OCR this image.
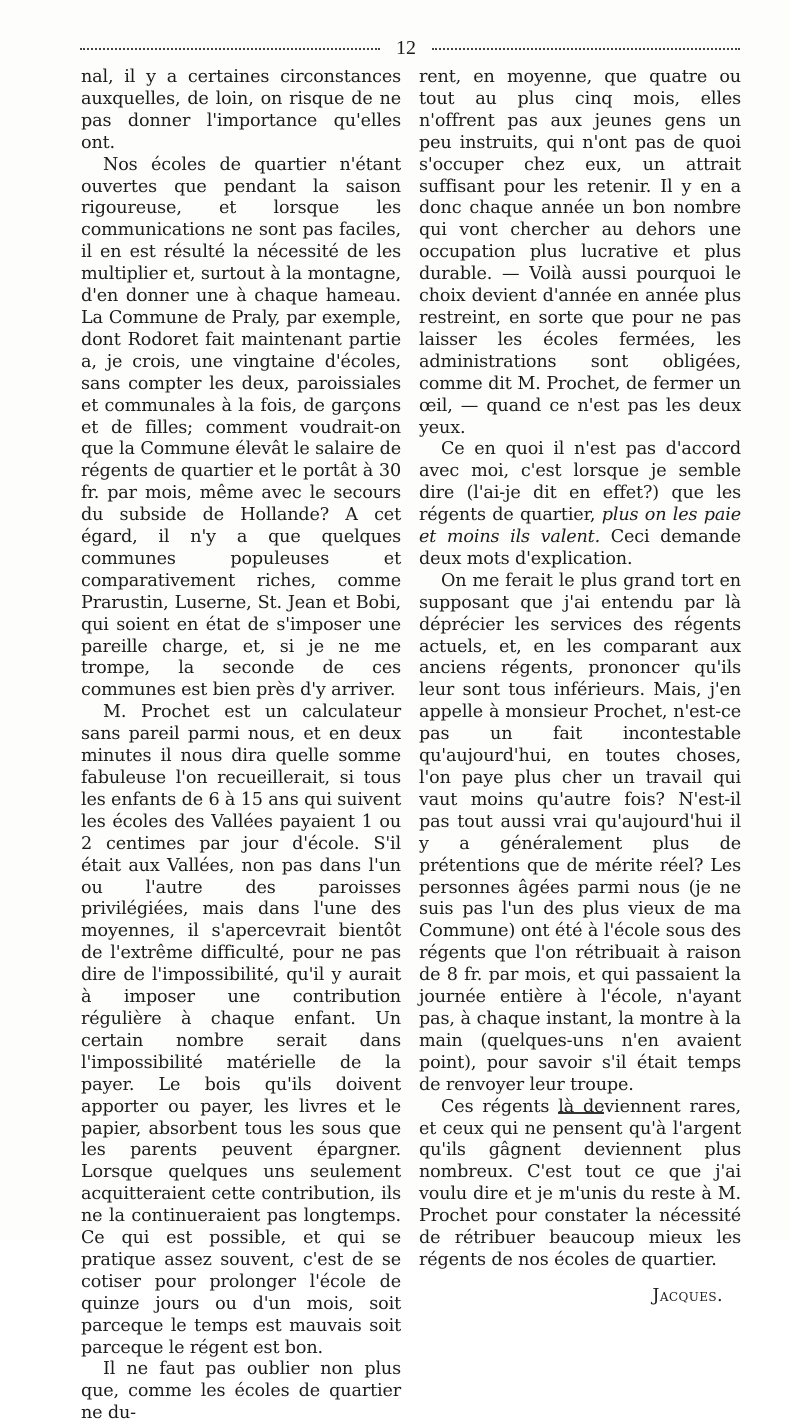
12

nal, il y a certaines circonstances auxquelles, de loin, on risque de ne pas donner l'importance qu'elles ont.

Nos écoles de quartier n'étant ouvertes que pendant la saison rigoureuse, et lorsque les communications ne sont pas faciles, il en est résulté la nécessité de les multiplier et, surtout à la montagne, d'en donner une à chaque hameau. La Commune de Praly, par exemple, dont Rodoret fait maintenant partie a, je crois, une vingtaine d'écoles, sans compter les deux, paroissiales et communales à la fois, de garçons et de filles; comment voudrait-on que la Commune élevât le salaire de régents de quartier et le portât à 30 fr. par mois, même avec le secours du subside de Hollande? A cet égard, il n'y a que quelques communes populeuses et comparativement riches, comme Prarustin, Luserne, St. Jean et Bobi, qui soient en état de s'imposer une pareille charge, et, si je ne me trompe, la seconde de ces communes est bien près d'y arriver.

M. Prochet est un calculateur sans pareil parmi nous, et en deux minutes il nous dira quelle somme fabuleuse l'on recueillerait, si tous les enfants de 6 à 15 ans qui suivent les écoles des Vallées payaient 1 ou 2 centimes par jour d'école. S'il était aux Vallées, non pas dans l'un ou l'autre des paroisses privilégiées, mais dans l'une des moyennes, il s'apercevrait bientôt de l'extrême difficulté, pour ne pas dire de l'impossibilité, qu'il y aurait à imposer une contribution régulière à chaque enfant. Un certain nombre serait dans l'impossibilité matérielle de la payer. Le bois qu'ils doivent apporter ou payer, les livres et le papier, absorbent tous les sous que les parents peuvent épargner. Lorsque quelques uns seulement acquitteraient cette contribution, ils ne la continueraient pas longtemps. Ce qui est possible, et qui se pratique assez souvent, c'est de se cotiser pour prolonger l'école de quinze jours ou d'un mois, soit parceque le temps est mauvais soit parceque le régent est bon.

Il ne faut pas oublier non plus que, comme les écoles de quartier ne du-

rent, en moyenne, que quatre ou tout au plus cinq mois, elles n'offrent pas aux jeunes gens un peu instruits, qui n'ont pas de quoi s'occuper chez eux, un attrait suffisant pour les retenir. Il y en a donc chaque année un bon nombre qui vont chercher au dehors une occupation plus lucrative et plus durable. — Voilà aussi pourquoi le choix devient d'année en année plus restreint, en sorte que pour ne pas laisser les écoles fermées, les administrations sont obligées, comme dit M. Prochet, de fermer un œil, — quand ce n'est pas les deux yeux.

Ce en quoi il n'est pas d'accord avec moi, c'est lorsque je semble dire (l'ai-je dit en effet?) que les régents de quartier, plus on les paie et moins ils valent. Ceci demande deux mots d'explication.

On me ferait le plus grand tort en supposant que j'ai entendu par là déprécier les services des régents actuels, et, en les comparant aux anciens régents, prononcer qu'ils leur sont tous inférieurs. Mais, j'en appelle à monsieur Prochet, n'est-ce pas un fait incontestable qu'aujourd'hui, en toutes choses, l'on paye plus cher un travail qui vaut moins qu'autre fois? N'est-il pas tout aussi vrai qu'aujourd'hui il y a généralement plus de prétentions que de mérite réel? Les personnes âgées parmi nous (je ne suis pas l'un des plus vieux de ma Commune) ont été à l'école sous des régents que l'on rétribuait à raison de 8 fr. par mois, et qui passaient la journée entière à l'école, n'ayant pas, à chaque instant, la montre à la main (quelques-uns n'en avaient point), pour savoir s'il était temps de renvoyer leur troupe.

Ces régents là deviennent rares, et ceux qui ne pensent qu'à l'argent qu'ils gâgnent deviennent plus nombreux. C'est tout ce que j'ai voulu dire et je m'unis du reste à M. Prochet pour constater la nécessité de rétribuer beaucoup mieux les régents de nos écoles de quartier.

Jacques.
